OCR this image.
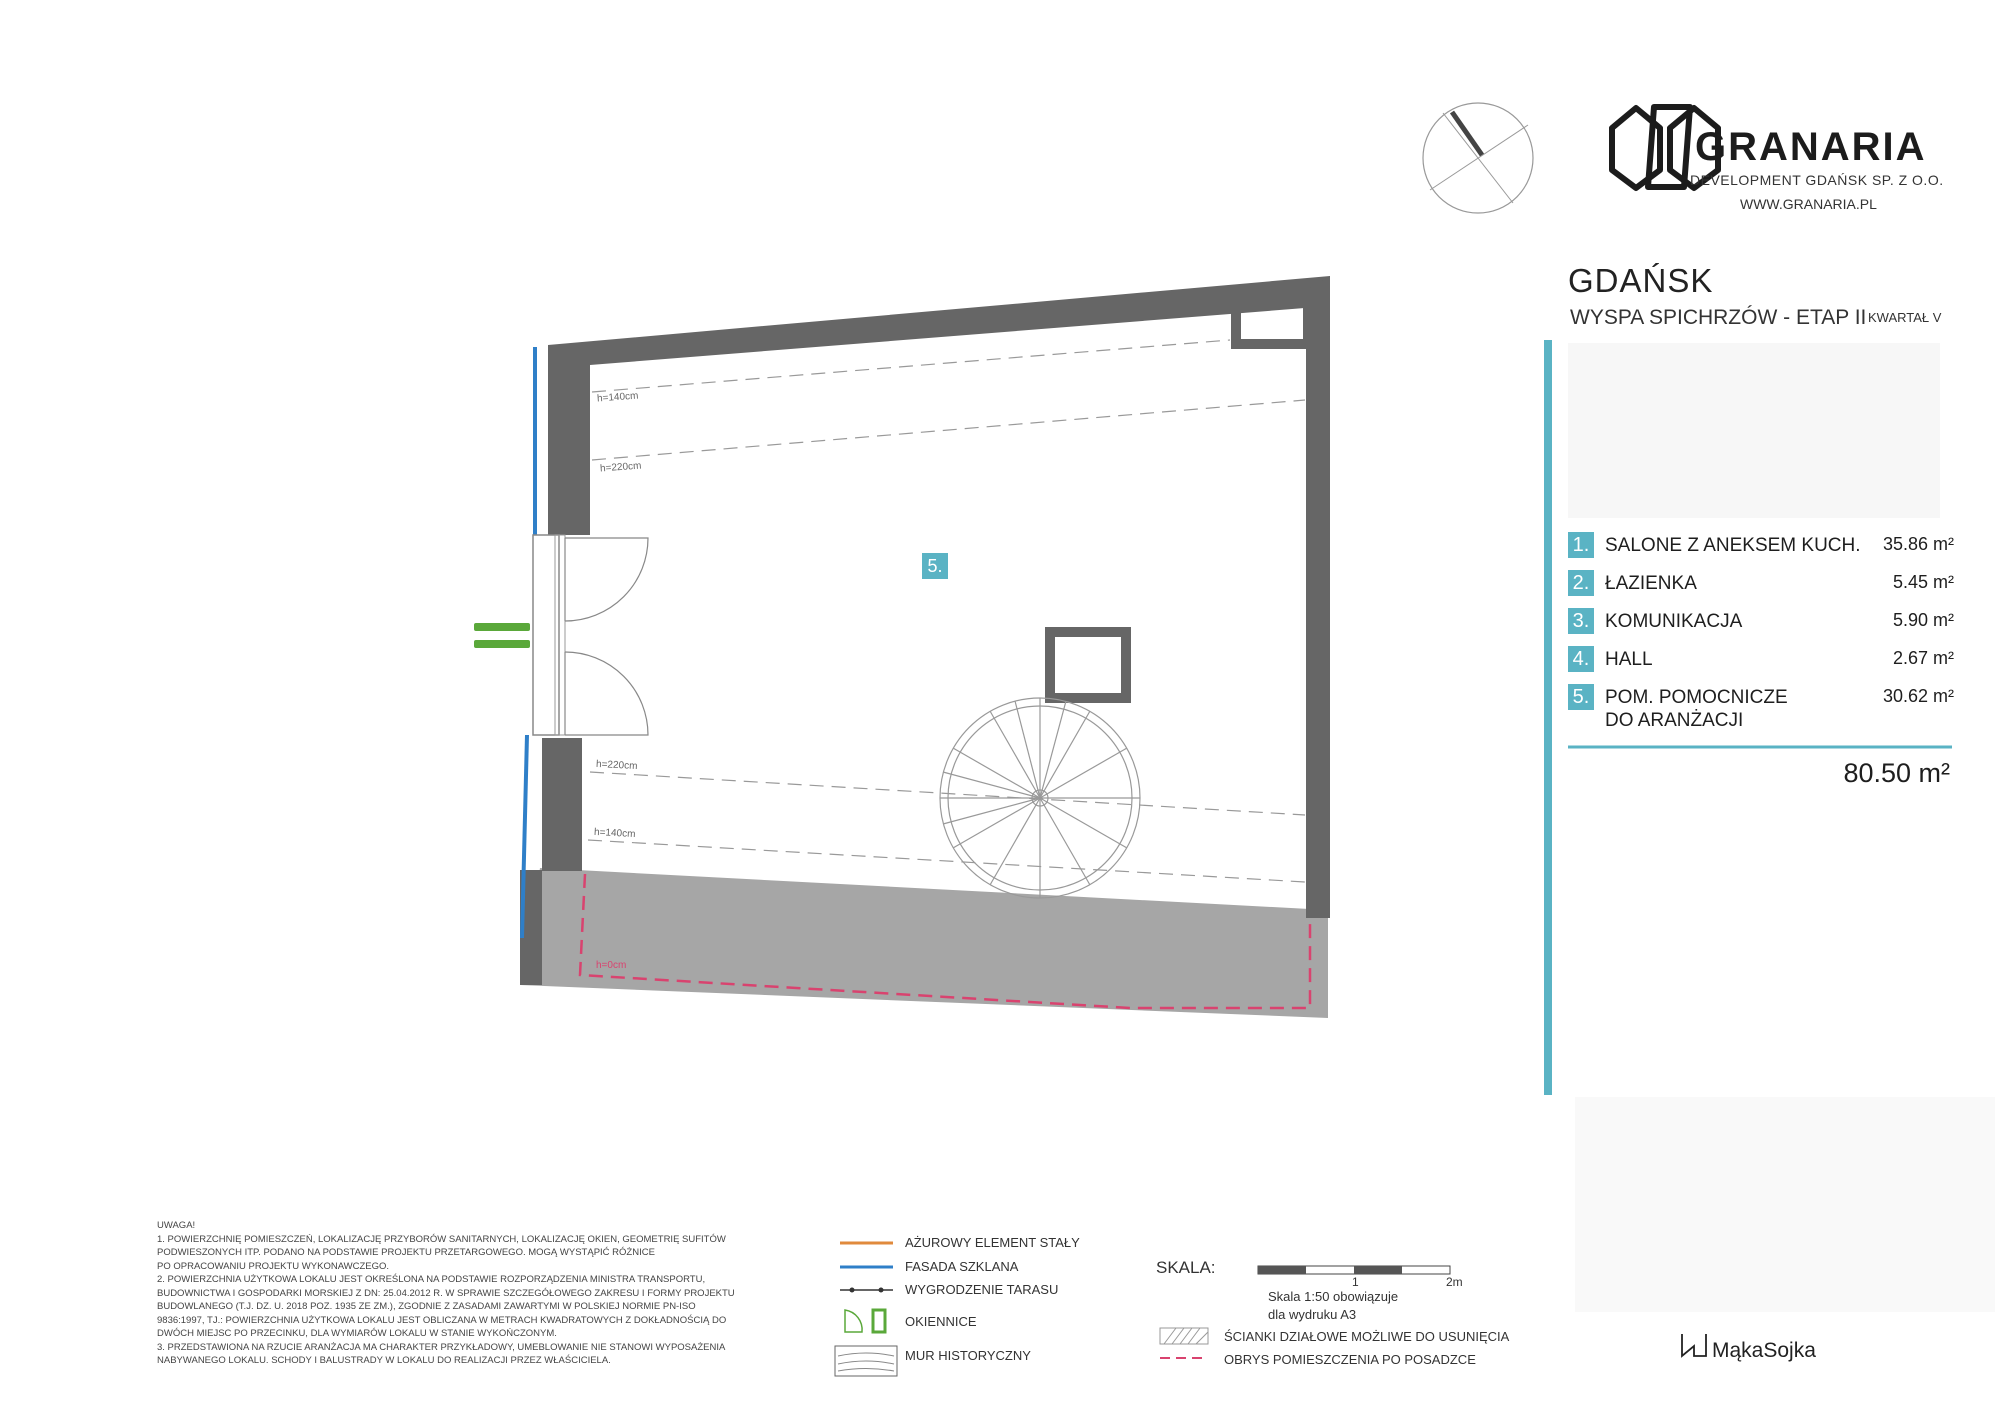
h=140cm
h=220cm
h=220cm
h=140cm
h=0cm
5.
GRANARIA
DEVELOPMENT GDAŃSK SP. Z O.O.
WWW.GRANARIA.PL
GDAŃSK
WYSPA SPICHRZÓW - ETAP II KWARTAŁ V
1. SALONE Z ANEKSEM KUCH. 35.86 m²
2. ŁAZIENKA	5.45 m²
3. KOMUNIKACJA	5.90 m²
4. HALL	2.67 m²
5. POM. POMOCNICZE
DO ARANŻACJI
30.62 m²
80.50 m²
UWAGA!
1. POWIERZCHNIĘ POMIESZCZEŃ, LOKALIZACJĘ PRZYBORÓW SANITARNYCH, LOKALIZACJĘ OKIEN, GEOMETRIĘ SUFITÓW
PODWIESZONYCH ITP. PODANO NA PODSTAWIE PROJEKTU PRZETARGOWEGO. MOGĄ WYSTĄPIĆ RÓŻNICE
PO OPRACOWANIU PROJEKTU WYKONAWCZEGO.
2. POWIERZCHNIA UŻYTKOWA LOKALU JEST OKREŚLONA NA PODSTAWIE ROZPORZĄDZENIA MINISTRA TRANSPORTU,
BUDOWNICTWA I GOSPODARKI MORSKIEJ Z DN: 25.04.2012 R. W SPRAWIE SZCZEGÓŁOWEGO ZAKRESU I FORMY PROJEKTU
BUDOWLANEGO (T.J. DZ. U. 2018 POZ. 1935 ZE ZM.), ZGODNIE Z ZASADAMI ZAWARTYMI W POLSKIEJ NORMIE PN-ISO
9836:1997, TJ.: POWIERZCHNIA UŻYTKOWA LOKALU JEST OBLICZANA W METRACH KWADRATOWYCH Z DOKŁADNOŚCIĄ DO
DWÓCH MIEJSC PO PRZECINKU, DLA WYMIARÓW LOKALU W STANIE WYKOŃCZONYM.
3. PRZEDSTAWIONA NA RZUCIE ARANŻACJA MA CHARAKTER PRZYKŁADOWY, UMEBLOWANIE NIE STANOWI WYPOSAŻENIA
NABYWANEGO LOKALU. SCHODY I BALUSTRADY W LOKALU DO REALIZACJI PRZEZ WŁAŚCICIELA.
AŻUROWY ELEMENT STAŁY
FASADA SZKLANA
WYGRODZENIE TARASU
OKIENNICE
MUR HISTORYCZNY
SKALA:
1	2m
Skala 1:50 obowiązuje
dla wydruku A3
ŚCIANKI DZIAŁOWE MOŻLIWE DO USUNIĘCIA
OBRYS POMIESZCZENIA PO POSADZCE	MąkaSojka
